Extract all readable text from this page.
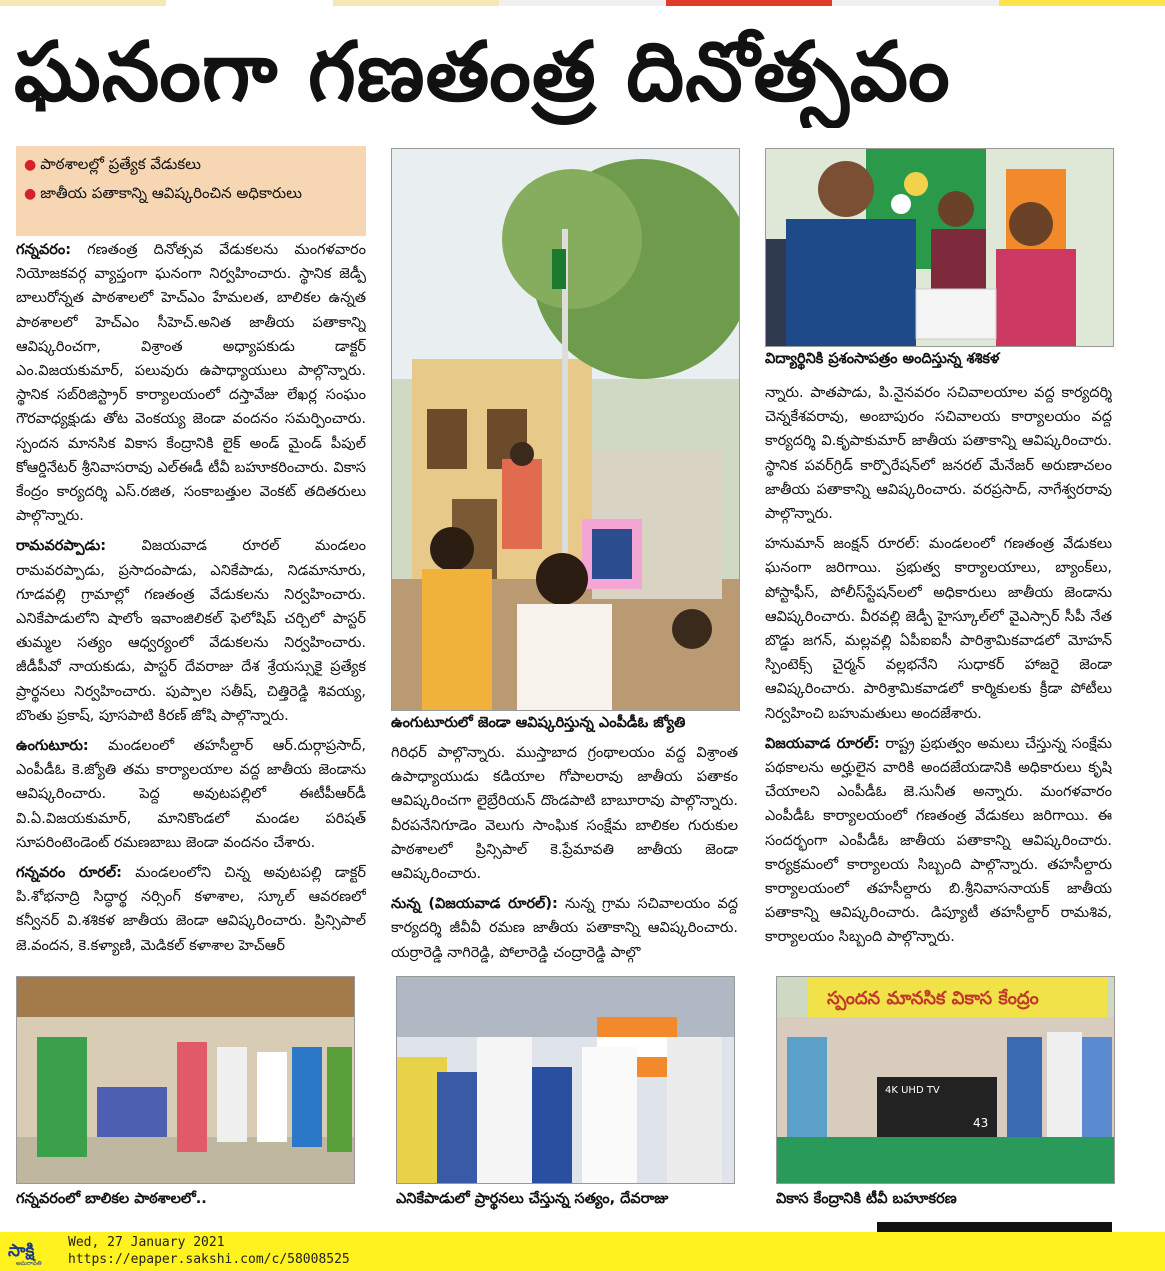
ఘనంగా గణతంత్ర దినోత్సవం
● పాఠశాలల్లో ప్రత్యేక వేడుకలు
● జాతీయ పతాకాన్ని ఆవిష్కరించిన అధికారులు

గన్నవరం: గణతంత్ర దినోత్సవ వేడుకలను మంగళవారం నియోజకవర్గ వ్యాప్తంగా ఘనంగా నిర్వహించారు. స్థానిక జెడ్పీ బాలురోన్నత పాఠశాలలో హెచ్‌ఎం హేమలత, బాలికల ఉన్నత పాఠశాలలో హెచ్‌ఎం సీహెచ్‌.అనిత జాతీయ పతాకాన్ని ఆవిష్కరించగా, విశ్రాంత అధ్యాపకుడు డాక్టర్‌ ఎం.విజయకుమార్‌, పలువురు ఉపాధ్యాయులు పాల్గొన్నారు. స్థానిక సబ్‌రిజిస్ట్రార్‌ కార్యాలయంలో దస్తావేజు లేఖర్ల సంఘం గౌరవాధ్యక్షుడు తోట వెంకయ్య జెండా వందనం సమర్పించారు. స్పందన మానసిక వికాస కేంద్రానికి లైక్‌ అండ్‌ మైండ్‌ పీపుల్‌ కోఆర్డినేటర్‌ శ్రీనివాసరావు ఎల్‌ఈడీ టీవీ బహూకరించారు. వికాస కేంద్రం కార్యదర్శి ఎస్‌.రజిత, సంకాబత్తుల వెంకట్‌ తదితరులు పాల్గొన్నారు.

రామవరప్పాడు: విజయవాడ రూరల్‌ మండలం రామవరప్పాడు, ప్రసాదంపాడు, ఎనికేపాడు, నిడమానూరు, గూడవల్లి గ్రామాల్లో గణతంత్ర వేడుకలను నిర్వహించారు. ఎనికేపాడులోని షాలోం ఇవాంజిలికల్‌ ఫెలోషిప్‌ చర్చిలో పాస్టర్‌ తుమ్మల సత్యం ఆధ్వర్యంలో వేడుకలను నిర్వహించారు. జీడీపీవో నాయకుడు, పాస్టర్‌ దేవరాజు దేశ శ్రేయస్సుకై ప్రత్యేక ప్రార్థనలు నిర్వహించారు. పుప్పాల సతీష్‌, చిత్తిరెడ్డి శివయ్య, బొంతు ప్రకాష్‌, పూసపాటి కిరణ్‌ జోషి పాల్గొన్నారు.

ఉంగుటూరు: మండలంలో తహసీల్దార్‌ ఆర్‌.దుర్గాప్రసాద్‌, ఎంపీడీఓ కె.జ్యోతి తమ కార్యాలయాల వద్ద జాతీయ జెండాను ఆవిష్కరించారు. పెద్ద అవుటపల్లిలో ఈటీపీఆర్‌డీ వి.ఏ.విజయకుమార్‌, మానికొండలో మండల పరిషత్‌ సూపరింటెండెంట్‌ రమణబాబు జెండా వందనం చేశారు.

గన్నవరం రూరల్‌: మండలంలోని చిన్న అవుటపల్లి డాక్టర్‌ పి.శోభనాద్రి సిద్ధార్థ నర్సింగ్‌ కళాశాల, స్కూల్‌ ఆవరణలో కన్వీనర్‌ వి.శశికళ జాతీయ జెండా ఆవిష్కరించారు. ప్రిన్సిపాల్‌ జె.వందన, కె.కళ్యాణి, మెడికల్‌ కళాశాల హెచ్‌ఆర్‌

ఉంగుటూరులో జెండా ఆవిష్కరిస్తున్న ఎంపీడీఓ జ్యోతి

గిరిధర్‌ పాల్గొన్నారు. ముస్తాబాద గ్రంథాలయం వద్ద విశ్రాంత ఉపాధ్యాయుడు కడియాల గోపాలరావు జాతీయ పతాకం ఆవిష్కరించగా లైబ్రేరియన్‌ దొండపాటి బాబూరావు పాల్గొన్నారు. వీరపనేనిగూడెం వెలుగు సాంఘిక సంక్షేమ బాలికల గురుకుల పాఠశాలలో ప్రిన్సిపాల్‌ కె.ప్రేమావతి జాతీయ జెండా ఆవిష్కరించారు.

నున్న (విజయవాడ రూరల్‌): నున్న గ్రామ సచివాలయం వద్ద కార్యదర్శి జీవీవీ రమణ జాతీయ పతాకాన్ని ఆవిష్కరించారు. యర్రారెడ్డి నాగిరెడ్డి, పోలారెడ్డి చంద్రారెడ్డి పాల్గొ

విద్యార్థినికి ప్రశంసాపత్రం అందిస్తున్న శశికళ

న్నారు. పాతపాడు, పి.నైనవరం సచివాలయాల వద్ద కార్యదర్శి చెన్నకేశవరావు, అంబాపురం సచివాలయ కార్యాలయం వద్ద కార్యదర్శి వి.కృపాకుమార్‌ జాతీయ పతాకాన్ని ఆవిష్కరించారు. స్థానిక పవర్‌గ్రిడ్‌ కార్పొరేషన్‌లో జనరల్‌ మేనేజర్‌ అరుణాచలం జాతీయ పతాకాన్ని ఆవిష్కరించారు. వరప్రసాద్‌, నాగేశ్వరరావు పాల్గొన్నారు.

హనుమాన్‌ జంక్షన్‌ రూరల్‌: మండలంలో గణతంత్ర వేడుకలు ఘనంగా జరిగాయి. ప్రభుత్వ కార్యాలయాలు, బ్యాంక్‌లు, పోస్టాఫీస్‌, పోలీస్‌స్టేషన్‌లలో అధికారులు జాతీయ జెండాను ఆవిష్కరించారు. వీరవల్లి జెడ్పీ హైస్కూల్‌లో వైఎస్సార్‌ సీపీ నేత బొడ్డు జగన్‌, మల్లవల్లి ఏపీఐఐసీ పారిశ్రామికవాడలో మోహన్‌ స్పింటెక్స్‌ చైర్మన్‌ వల్లభనేని సుధాకర్‌ హాజరై జెండా ఆవిష్కరించారు. పారిశ్రామికవాడలో కార్మికులకు క్రీడా పోటీలు నిర్వహించి బహుమతులు అందజేశారు.

విజయవాడ రూరల్‌: రాష్ట్ర ప్రభుత్వం అమలు చేస్తున్న సంక్షేమ పథకాలను అర్హులైన వారికి అందజేయడానికి అధికారులు కృషి చేయాలని ఎంపీడీఓ జె.సునీత అన్నారు. మంగళవారం ఎంపీడీఓ కార్యాలయంలో గణతంత్ర వేడుకలు జరిగాయి. ఈ సందర్భంగా ఎంపీడీఓ జాతీయ పతాకాన్ని ఆవిష్కరించారు. కార్యక్రమంలో కార్యాలయ సిబ్బంది పాల్గొన్నారు. తహసీల్దారు కార్యాలయంలో తహసీల్దారు బి.శ్రీనివాసనాయక్‌ జాతీయ పతాకాన్ని ఆవిష్కరించారు. డిప్యూటీ తహసీల్దార్‌ రామశివ, కార్యాలయం సిబ్బంది పాల్గొన్నారు.

గన్నవరంలో బాలికల పాఠశాలలో..	ఎనికేపాడులో ప్రార్థనలు చేస్తున్న సత్యం, దేవరాజు
స్పందన మానసిక వికాస కేంద్రం
4K UHD TV
43
వికాస కేంద్రానికి టీవీ బహూకరణ
సాక్షి
అమరావతి
Wed, 27 January 2021
https://epaper.sakshi.com/c/58008525
